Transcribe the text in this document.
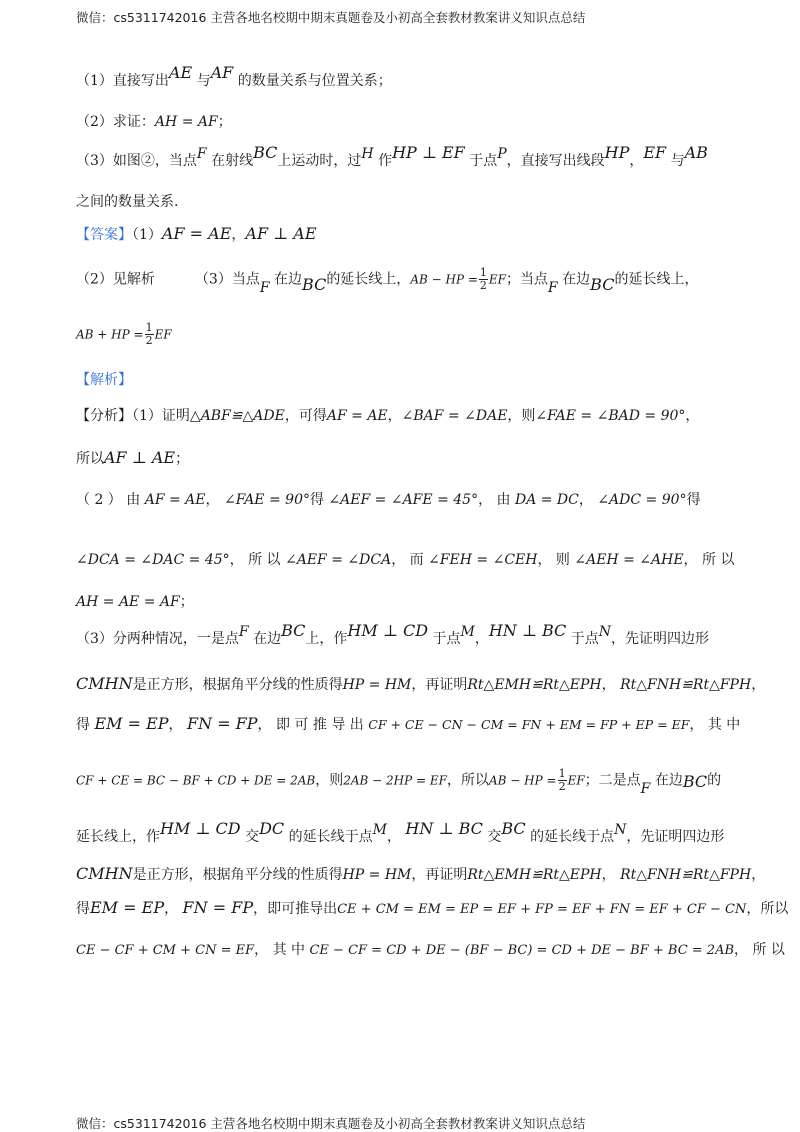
微信：cs5311742016 主营各地名校期中期末真题卷及小初高全套教材教案讲义知识点总结
（1）直接写出AE 与AF 的数量关系与位置关系；
（2）求证：AH = AF；
（3）如图②，当点F 在射线BC上运动时，过H 作HP ⊥ EF 于点P，直接写出线段HP，EF 与AB
之间的数量关系.
【答案】（1）AF = AE，AF ⊥ AE
（2）见解析	（3）当点F 在边BC的延长线上，AB − HP = $\frac{1}{2}$ EF；当点F 在边BC的延长线上，
AB + HP = $\frac{1}{2}$ EF
【解析】
【分析】（1）证明△ABF≌△ADE，可得AF = AE，∠BAF = ∠DAE，则∠FAE = ∠BAD = 90°，
所以AF ⊥ AE；
（ 2 ） 由 AF = AE， ∠FAE = 90°得 ∠AEF = ∠AFE = 45°， 由 DA = DC， ∠ADC = 90°得
∠DCA = ∠DAC = 45°， 所 以 ∠AEF = ∠DCA， 而 ∠FEH = ∠CEH， 则 ∠AEH = ∠AHE， 所 以
AH = AE = AF；
（3）分两种情况，一是点F 在边BC上，作HM ⊥ CD 于点M，HN ⊥ BC 于点N，先证明四边形
CMHN是正方形，根据角平分线的性质得HP = HM，再证明Rt△EMH≌Rt△EPH， Rt△FNH≌Rt△FPH，
得 EM = EP， FN = FP， 即 可 推 导 出 CF + CE − CN − CM = FN + EM = FP + EP = EF， 其 中
CF + CE = BC − BF + CD + DE = 2AB，则2AB − 2HP = EF，所以AB − HP = $\frac{1}{2}$ EF；二是点F 在边BC的
延长线上，作HM ⊥ CD 交DC 的延长线于点M， HN ⊥ BC 交BC 的延长线于点N，先证明四边形
CMHN是正方形，根据角平分线的性质得HP = HM，再证明Rt△EMH≌Rt△EPH， Rt△FNH≌Rt△FPH，
得EM = EP， FN = FP，即可推导出CE + CM = EM = EP = EF + FP = EF + FN = EF + CF − CN，所以
CE − CF + CM + CN = EF， 其 中 CE − CF = CD + DE − (BF − BC) = CD + DE − BF + BC = 2AB， 所 以
微信：cs5311742016 主营各地名校期中期末真题卷及小初高全套教材教案讲义知识点总结
